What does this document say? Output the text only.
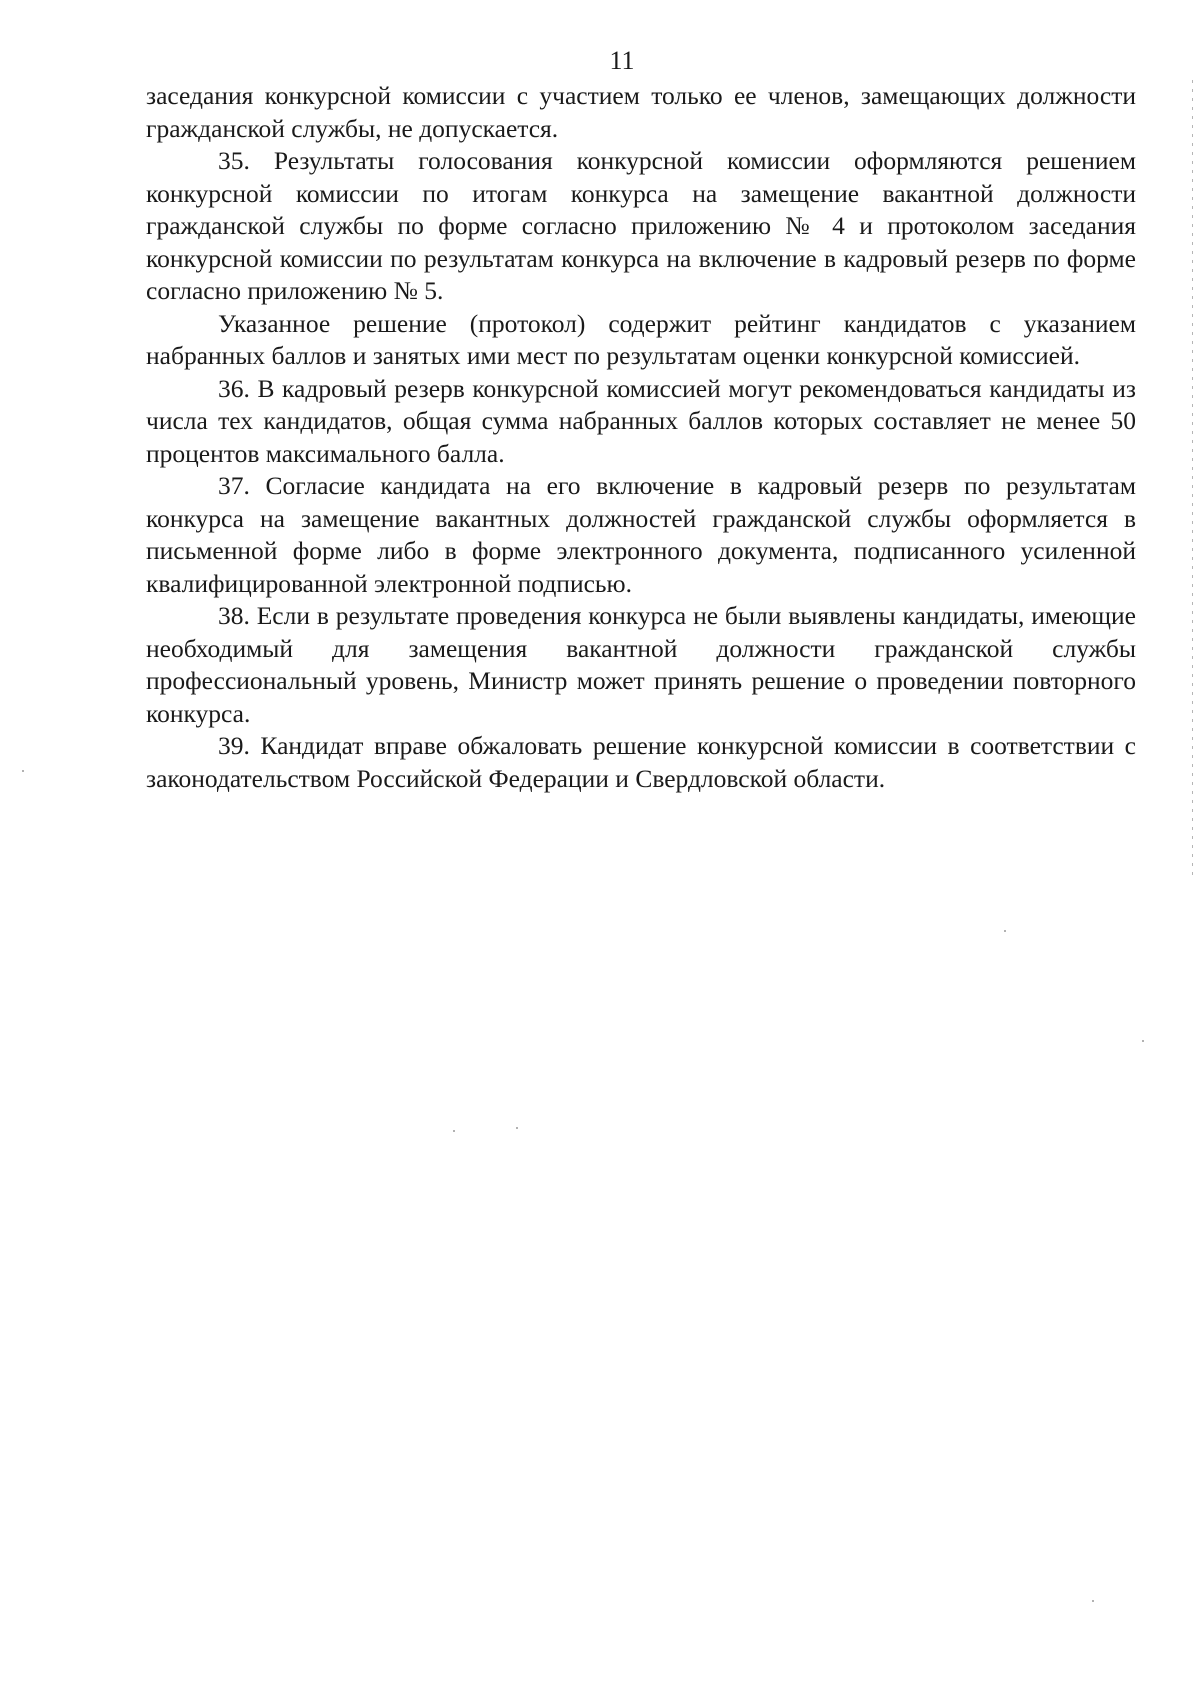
11

заседания конкурсной комиссии с участием только ее членов, замещающих должности гражданской службы, не допускается.

35. Результаты голосования конкурсной комиссии оформляются решением конкурсной комиссии по итогам конкурса на замещение вакантной должности гражданской службы по форме согласно приложению № 4 и протоколом заседания конкурсной комиссии по результатам конкурса на включение в кадровый резерв по форме согласно приложению № 5.

Указанное решение (протокол) содержит рейтинг кандидатов с указанием набранных баллов и занятых ими мест по результатам оценки конкурсной комиссией.

36. В кадровый резерв конкурсной комиссией могут рекомендоваться кандидаты из числа тех кандидатов, общая сумма набранных баллов которых составляет не менее 50 процентов максимального балла.

37. Согласие кандидата на его включение в кадровый резерв по результатам конкурса на замещение вакантных должностей гражданской службы оформляется в письменной форме либо в форме электронного документа, подписанного усиленной квалифицированной электронной подписью.

38. Если в результате проведения конкурса не были выявлены кандидаты, имеющие необходимый для замещения вакантной должности гражданской службы профессиональный уровень, Министр может принять решение о проведении повторного конкурса.

39. Кандидат вправе обжаловать решение конкурсной комиссии в соответствии с законодательством Российской Федерации и Свердловской области.
